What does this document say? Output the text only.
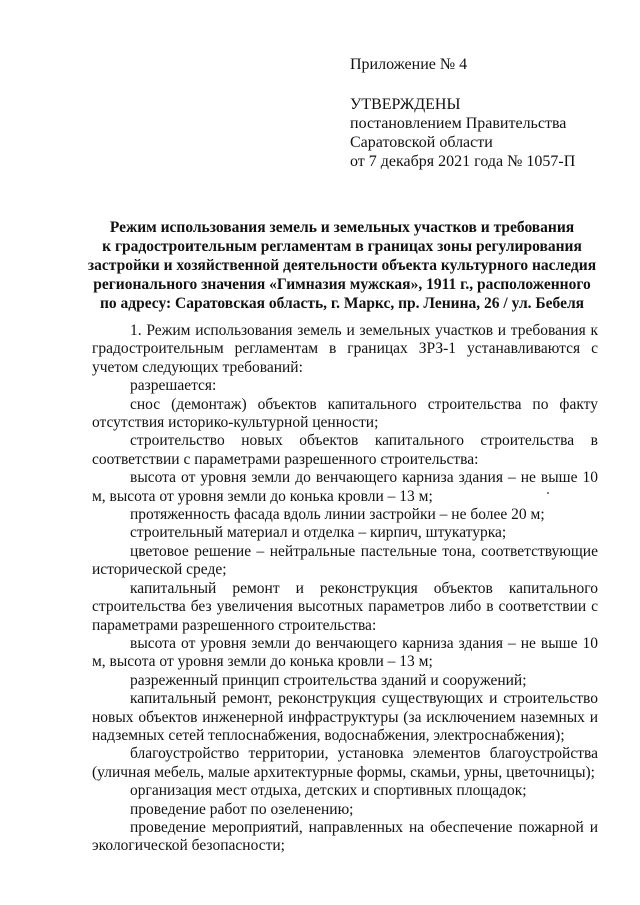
Приложение № 4
УТВЕРЖДЕНЫ
постановлением Правительства
Саратовской области
от 7 декабря 2021 года № 1057-П
Режим использования земель и земельных участков и требования
к градостроительным регламентам в границах зоны регулирования
застройки и хозяйственной деятельности объекта культурного наследия
регионального значения «Гимназия мужская», 1911 г., расположенного
по адресу: Саратовская область, г. Маркс, пр. Ленина, 26 / ул. Бебеля

1. Режим использования земель и земельных участков и требования к градостроительным регламентам в границах ЗРЗ-1 устанавливаются с учетом следующих требований:

разрешается:

снос (демонтаж) объектов капитального строительства по факту отсутствия историко-культурной ценности;

строительство новых объектов капитального строительства в соответствии с параметрами разрешенного строительства:

высота от уровня земли до венчающего карниза здания – не выше 10 м, высота от уровня земли до конька кровли – 13 м;

протяженность фасада вдоль линии застройки – не более 20 м;

строительный материал и отделка – кирпич, штукатурка;

цветовое решение – нейтральные пастельные тона, соответствующие исторической среде;

капитальный ремонт и реконструкция объектов капитального строительства без увеличения высотных параметров либо в соответствии с параметрами разрешенного строительства:

высота от уровня земли до венчающего карниза здания – не выше 10 м, высота от уровня земли до конька кровли – 13 м;

разреженный принцип строительства зданий и сооружений;

капитальный ремонт, реконструкция существующих и строительство новых объектов инженерной инфраструктуры (за исключением наземных и надземных сетей теплоснабжения, водоснабжения, электроснабжения);

благоустройство территории, установка элементов благоустройства (уличная мебель, малые архитектурные формы, скамьи, урны, цветочницы);

организация мест отдыха, детских и спортивных площадок;

проведение работ по озеленению;

проведение мероприятий, направленных на обеспечение пожарной и экологической безопасности;
